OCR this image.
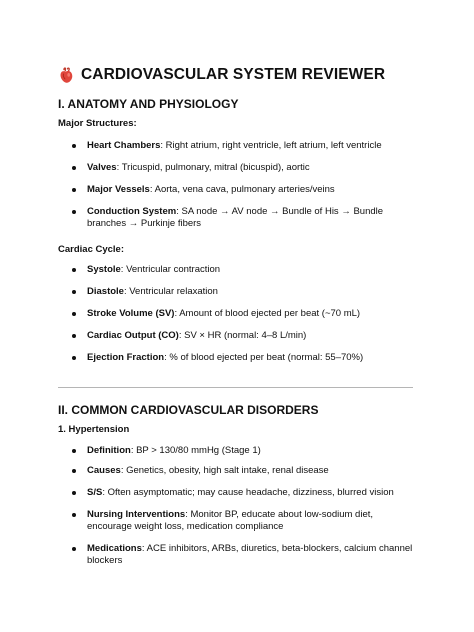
CARDIOVASCULAR SYSTEM REVIEWER
I. ANATOMY AND PHYSIOLOGY
Major Structures:
Heart Chambers: Right atrium, right ventricle, left atrium, left ventricle
Valves: Tricuspid, pulmonary, mitral (bicuspid), aortic
Major Vessels: Aorta, vena cava, pulmonary arteries/veins
Conduction System: SA node → AV node → Bundle of His → Bundle branches → Purkinje fibers
Cardiac Cycle:
Systole: Ventricular contraction
Diastole: Ventricular relaxation
Stroke Volume (SV): Amount of blood ejected per beat (~70 mL)
Cardiac Output (CO): SV × HR (normal: 4–8 L/min)
Ejection Fraction: % of blood ejected per beat (normal: 55–70%)
II. COMMON CARDIOVASCULAR DISORDERS
1. Hypertension
Definition: BP > 130/80 mmHg (Stage 1)
Causes: Genetics, obesity, high salt intake, renal disease
S/S: Often asymptomatic; may cause headache, dizziness, blurred vision
Nursing Interventions: Monitor BP, educate about low-sodium diet, encourage weight loss, medication compliance
Medications: ACE inhibitors, ARBs, diuretics, beta-blockers, calcium channel blockers
